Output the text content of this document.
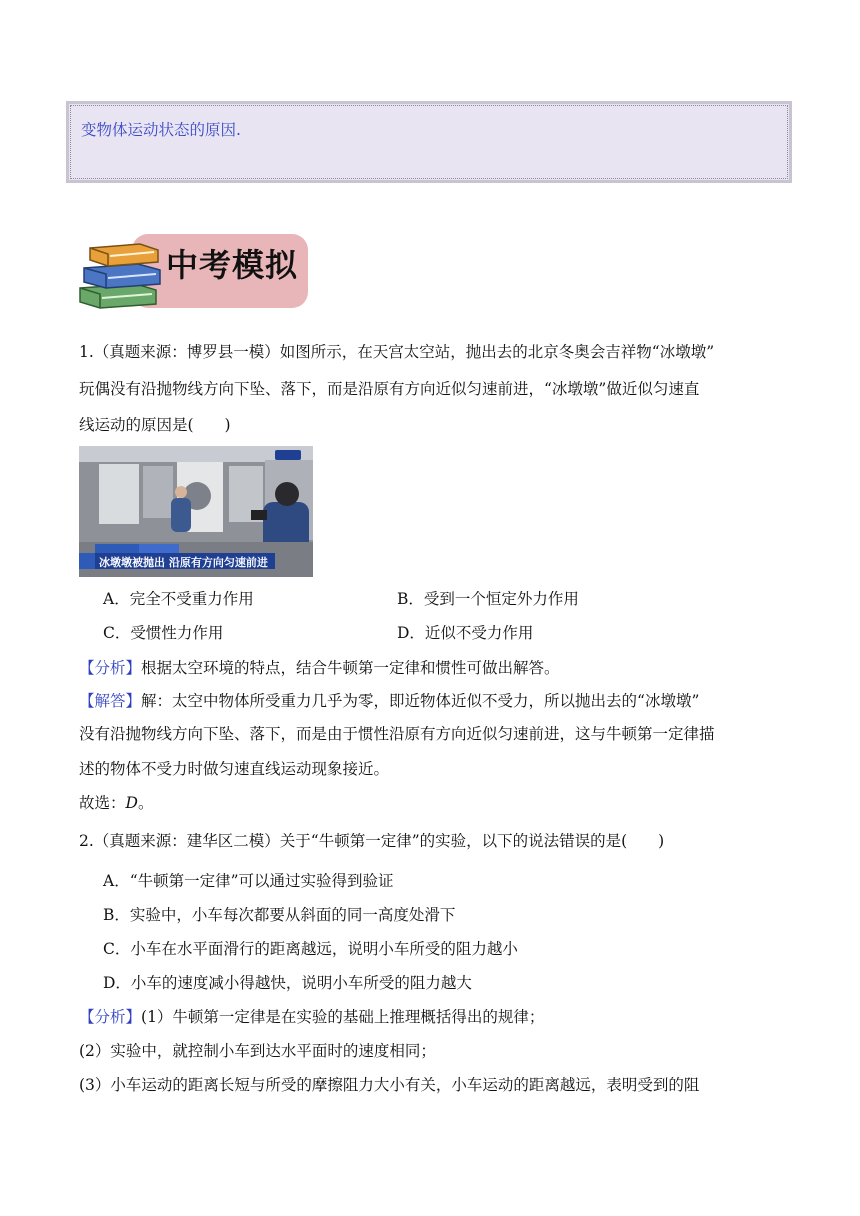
变物体运动状态的原因.
中考模拟
1.（真题来源：博罗县一模）如图所示，在天宫太空站，抛出去的北京冬奥会吉祥物“冰墩墩”
玩偶没有沿抛物线方向下坠、落下，而是沿原有方向近似匀速前进，“冰墩墩”做近似匀速直
线运动的原因是(　　)
冰墩墩被抛出 沿原有方向匀速前进
A．完全不受重力作用	B．受到一个恒定外力作用
C．受惯性力作用	D．近似不受力作用
【分析】根据太空环境的特点，结合牛顿第一定律和惯性可做出解答。
【解答】解：太空中物体所受重力几乎为零，即近物体近似不受力，所以抛出去的“冰墩墩”
没有沿抛物线方向下坠、落下，而是由于惯性沿原有方向近似匀速前进，这与牛顿第一定律描
述的物体不受力时做匀速直线运动现象接近。
故选：D。
2.（真题来源：建华区二模）关于“牛顿第一定律”的实验，以下的说法错误的是(　　)
A．“牛顿第一定律”可以通过实验得到验证
B．实验中，小车每次都要从斜面的同一高度处滑下
C．小车在水平面滑行的距离越远，说明小车所受的阻力越小
D．小车的速度减小得越快，说明小车所受的阻力越大
【分析】(1）牛顿第一定律是在实验的基础上推理概括得出的规律；
(2）实验中，就控制小车到达水平面时的速度相同；
(3）小车运动的距离长短与所受的摩擦阻力大小有关，小车运动的距离越远，表明受到的阻
